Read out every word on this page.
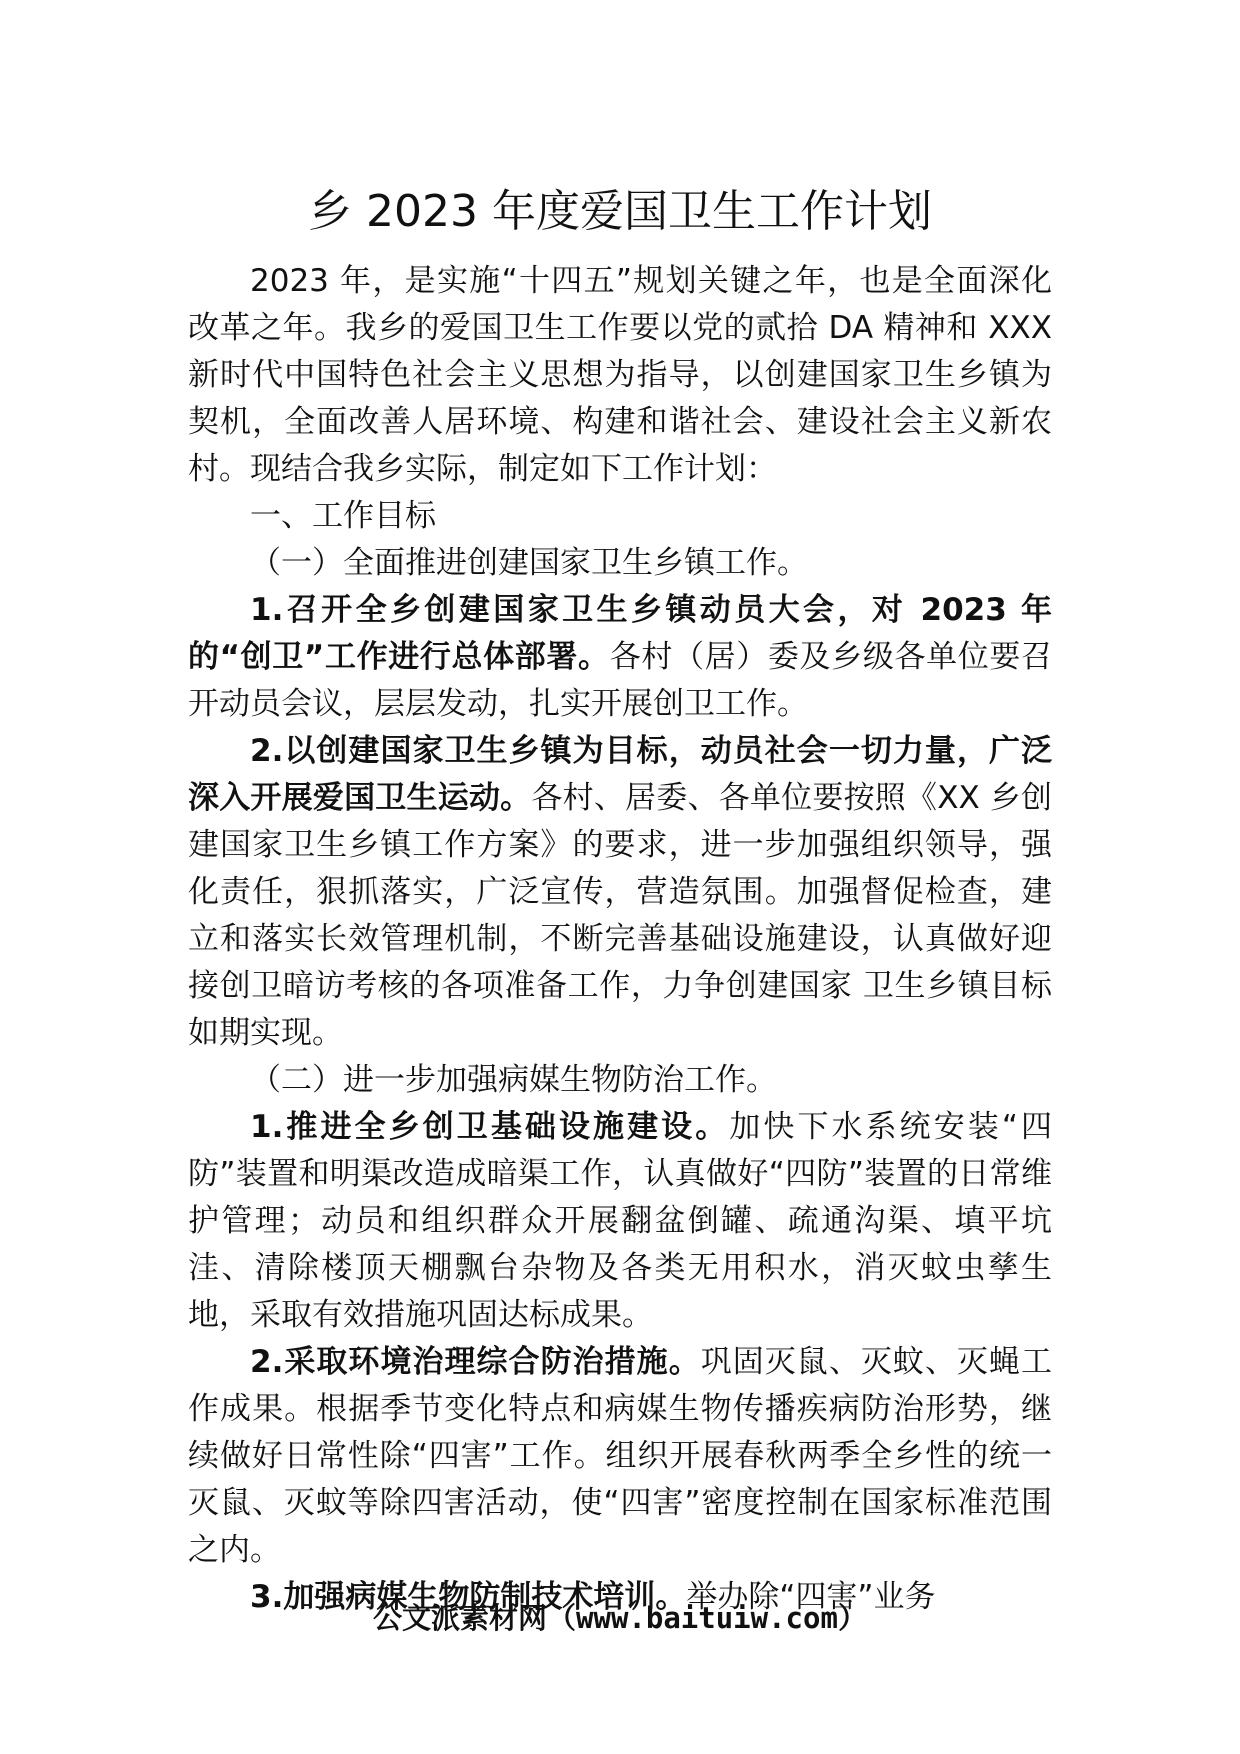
乡 2023 年度爱国卫生工作计划

2023 年，是实施“十四五”规划关键之年，也是全面深化改革之年。我乡的爱国卫生工作要以党的贰拾 DA 精神和 XXX 新时代中国特色社会主义思想为指导，以创建国家卫生乡镇为契机，全面改善人居环境、构建和谐社会、建设社会主义新农村。现结合我乡实际，制定如下工作计划：

一、工作目标

（一）全面推进创建国家卫生乡镇工作。

1.召开全乡创建国家卫生乡镇动员大会，对 2023 年的“创卫”工作进行总体部署。各村（居）委及乡级各单位要召开动员会议，层层发动，扎实开展创卫工作。

2.以创建国家卫生乡镇为目标，动员社会一切力量，广泛深入开展爱国卫生运动。各村、居委、各单位要按照《XX 乡创建国家卫生乡镇工作方案》的要求，进一步加强组织领导，强化责任，狠抓落实，广泛宣传，营造氛围。加强督促检查，建立和落实长效管理机制，不断完善基础设施建设，认真做好迎接创卫暗访考核的各项准备工作，力争创建国家 卫生乡镇目标如期实现。

（二）进一步加强病媒生物防治工作。

1.推进全乡创卫基础设施建设。加快下水系统安装“四防”装置和明渠改造成暗渠工作，认真做好“四防”装置的日常维护管理；动员和组织群众开展翻盆倒罐、疏通沟渠、填平坑洼、清除楼顶天棚飘台杂物及各类无用积水，消灭蚊虫孳生地，采取有效措施巩固达标成果。

2.采取环境治理综合防治措施。巩固灭鼠、灭蚊、灭蝇工作成果。根据季节变化特点和病媒生物传播疾病防治形势，继续做好日常性除“四害”工作。组织开展春秋两季全乡性的统一灭鼠、灭蚊等除四害活动，使“四害”密度控制在国家标准范围之内。

3.加强病媒生物防制技术培训。举办除“四害”业务

公文派素材网（www.baituiw.com）
